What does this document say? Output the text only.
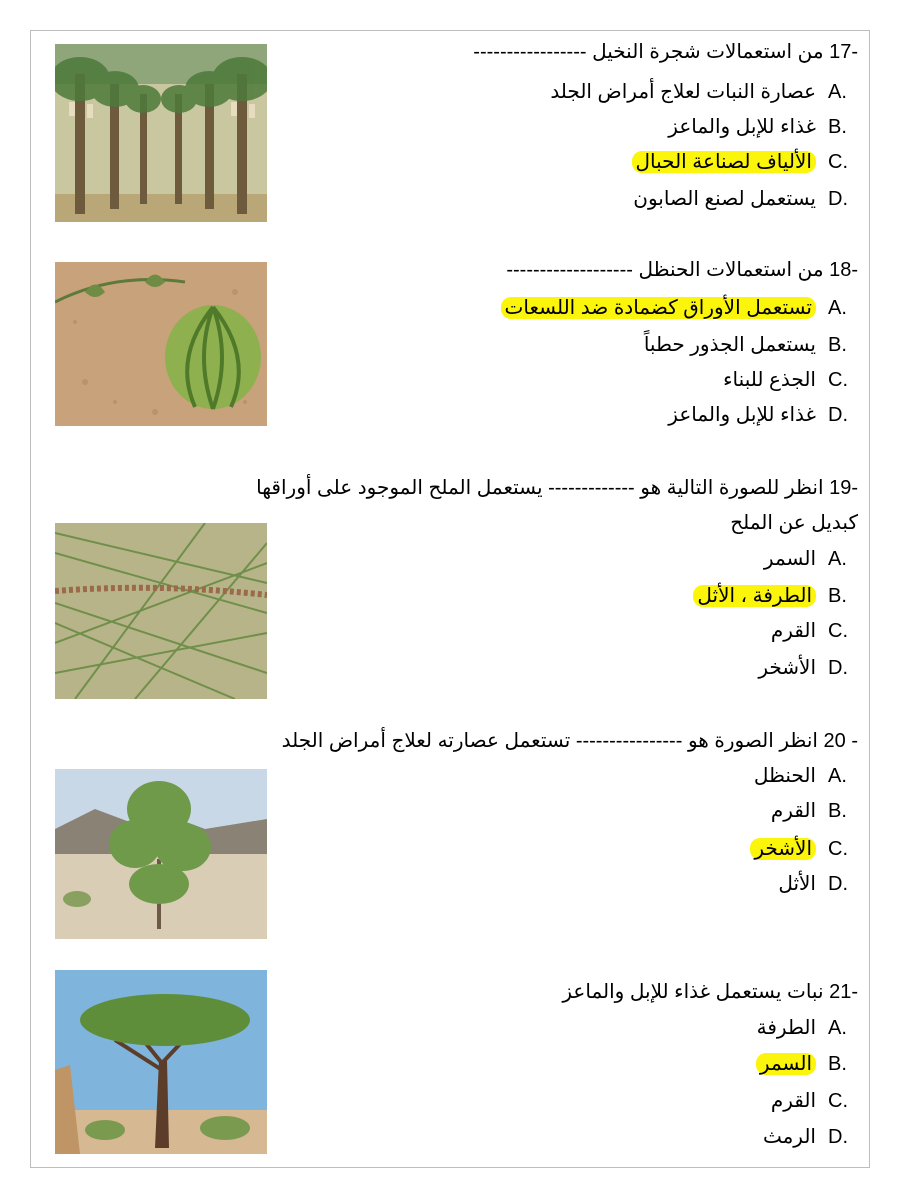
17- من استعمالات شجرة النخيل -----------------
A.عصارة النبات لعلاج أمراض الجلد
B.غذاء للإبل والماعز
C.الألياف لصناعة الحبال
D.يستعمل لصنع الصابون
18- من استعمالات الحنظل -------------------
A.تستعمل الأوراق كضمادة ضد اللسعات
B.يستعمل الجذور حطباً
C.الجذع للبناء
D.غذاء للإبل والماعز
19- انظر للصورة التالية هو ------------- يستعمل الملح الموجود على أوراقها
كبديل عن الملح
A.السمر
B.الطرفة ، الأثل
C.القرم
D.الأشخر
20 - انظر الصورة هو ---------------- تستعمل عصارته لعلاج أمراض الجلد
A.الحنظل
B.القرم
C.الأشخر
D.الأثل
21- نبات يستعمل غذاء للإبل والماعز
A.الطرفة
B.السمر
C.القرم
D.الرمث
